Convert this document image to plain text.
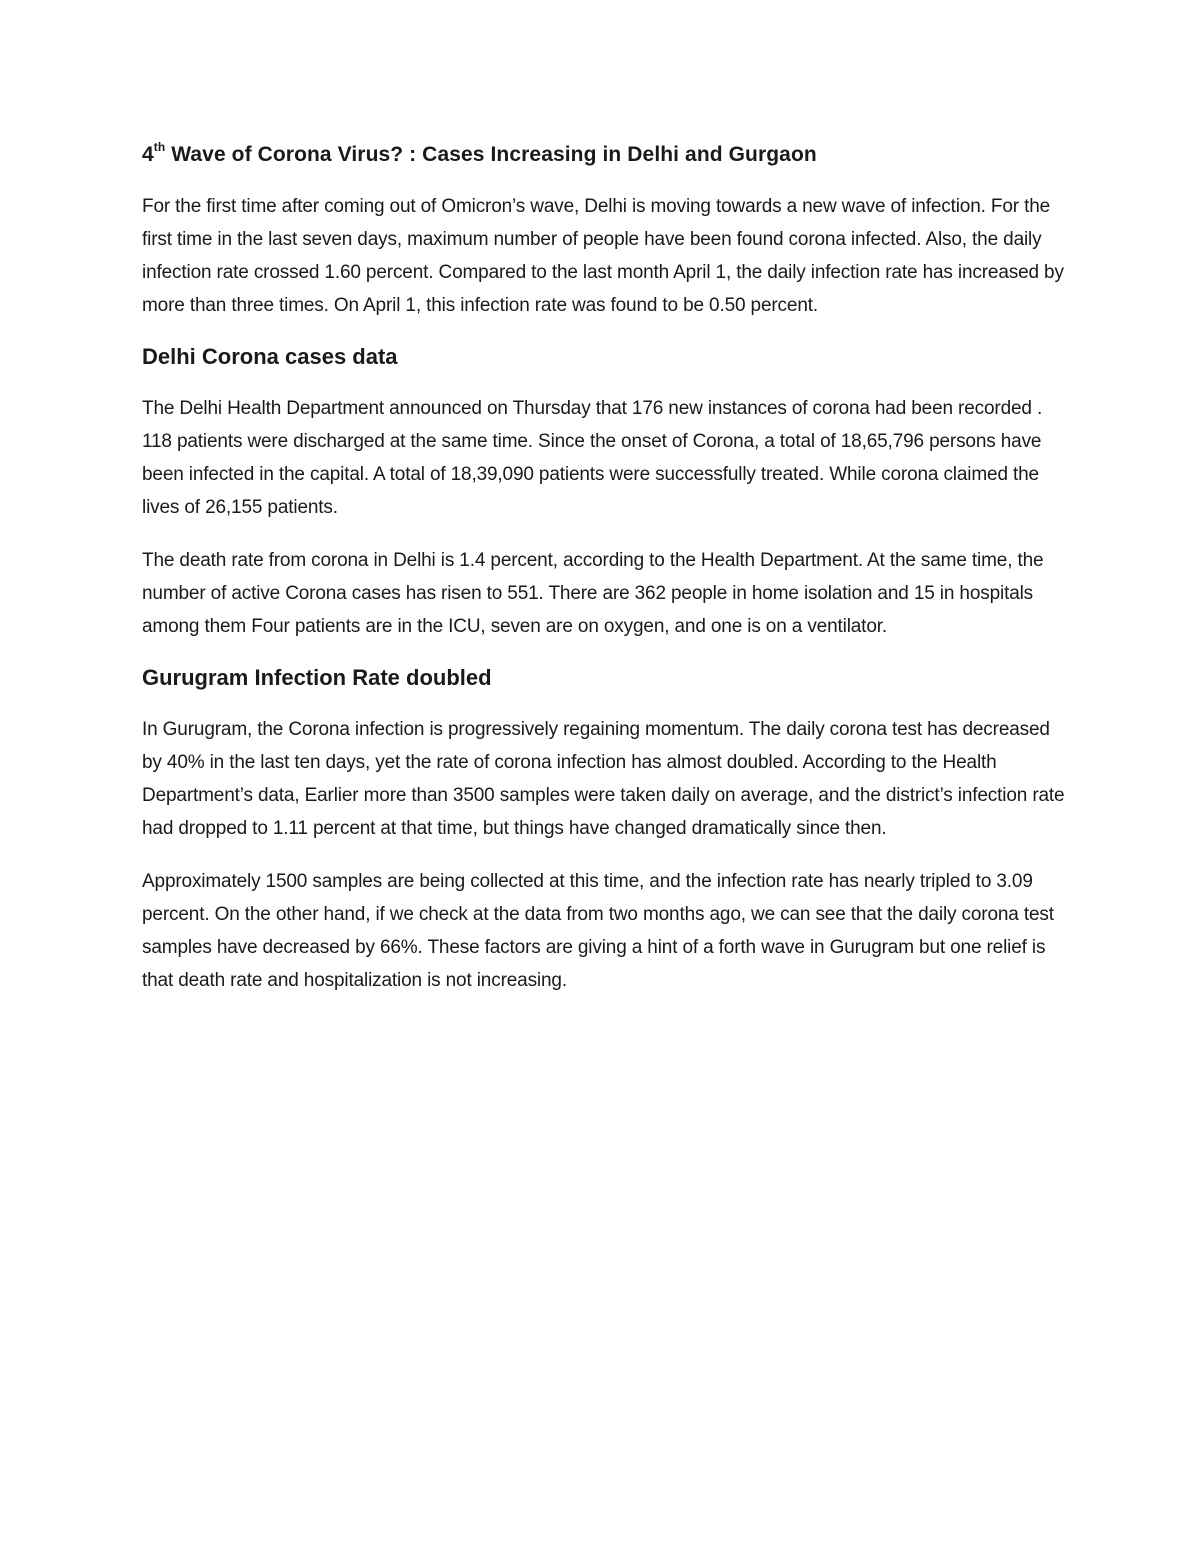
4th Wave of Corona Virus? : Cases Increasing in Delhi and Gurgaon

For the first time after coming out of Omicron’s wave, Delhi is moving towards a new wave of infection. For the first time in the last seven days, maximum number of people have been found corona infected. Also, the daily infection rate crossed 1.60 percent. Compared to the last month April 1, the daily infection rate has increased by more than three times. On April 1, this infection rate was found to be 0.50 percent.

Delhi Corona cases data

The Delhi Health Department announced on Thursday that 176 new instances of corona had been recorded . 118 patients were discharged at the same time. Since the onset of Corona, a total of 18,65,796 persons have been infected in the capital. A total of 18,39,090 patients were successfully treated. While corona claimed the lives of 26,155 patients.

The death rate from corona in Delhi is 1.4 percent, according to the Health Department. At the same time, the number of active Corona cases has risen to 551. There are 362 people in home isolation and 15 in hospitals among them Four patients are in the ICU, seven are on oxygen, and one is on a ventilator.

Gurugram Infection Rate doubled

In Gurugram, the Corona infection is progressively regaining momentum. The daily corona test has decreased by 40% in the last ten days, yet the rate of corona infection has almost doubled. According to the Health Department’s data, Earlier more than 3500 samples were taken daily on average, and the district’s infection rate had dropped to 1.11 percent at that time, but things have changed dramatically since then.

Approximately 1500 samples are being collected at this time, and the infection rate has nearly tripled to 3.09 percent. On the other hand, if we check at the data from two months ago, we can see that the daily corona test samples have decreased by 66%. These factors are giving a hint of a forth wave in Gurugram but one relief is that death rate and hospitalization is not increasing.
